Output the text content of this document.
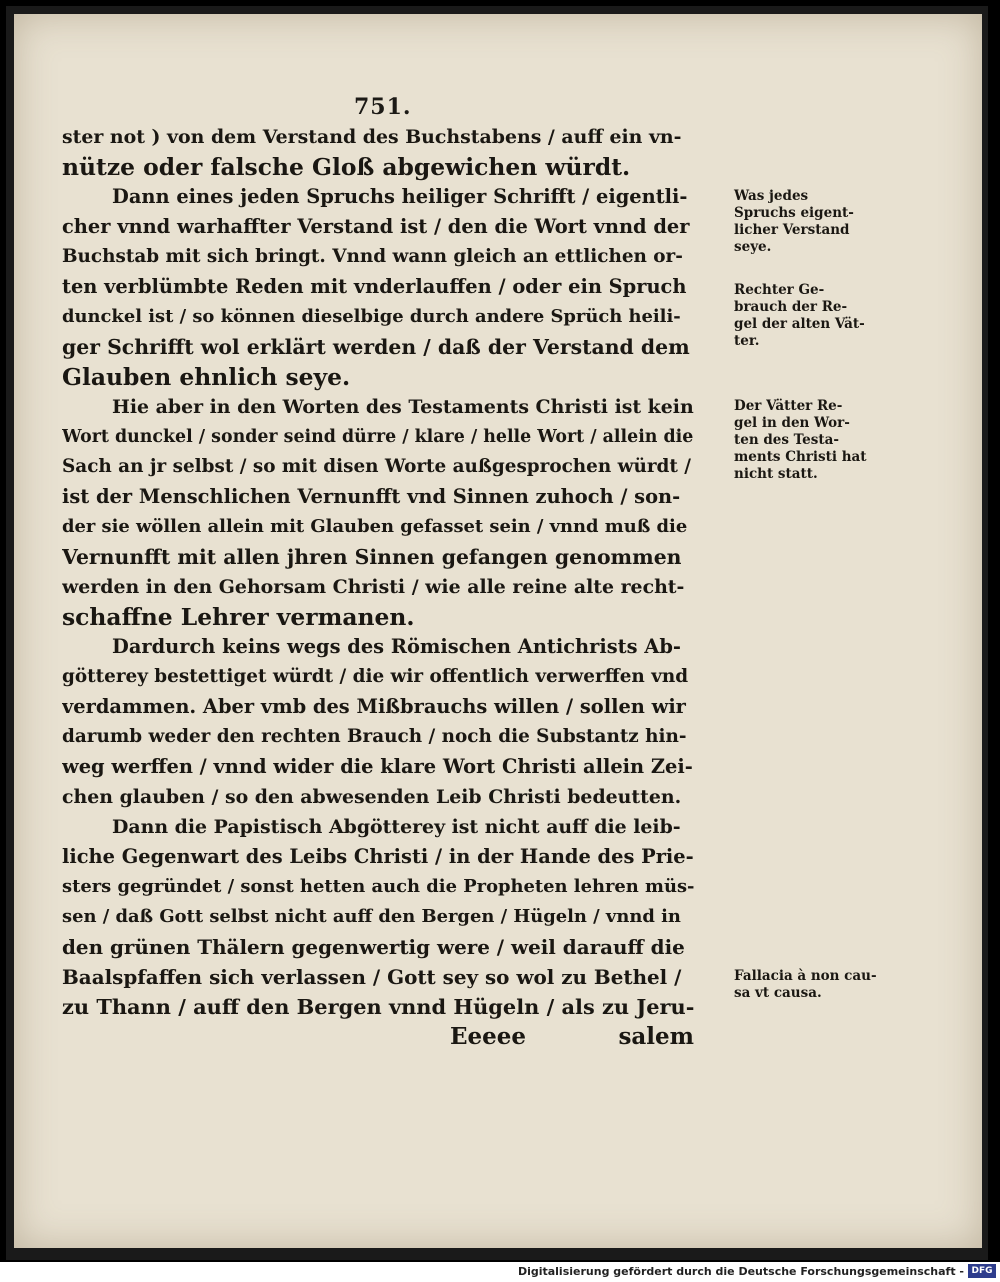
751.
ster not ) von dem Verstand des Buchstabens / auff ein vn-
nütze oder falsche Gloß abgewichen würdt.
Dann eines jeden Spruchs heiliger Schrifft / eigentli-
cher vnnd warhaffter Verstand ist / den die Wort vnnd der
Buchstab mit sich bringt. Vnnd wann gleich an ettlichen or-
ten verblümbte Reden mit vnderlauffen / oder ein Spruch
dunckel ist / so können dieselbige durch andere Sprüch heili-
ger Schrifft wol erklärt werden / daß der Verstand dem
Glauben ehnlich seye.
Hie aber in den Worten des Testaments Christi ist kein
Wort dunckel / sonder seind dürre / klare / helle Wort / allein die
Sach an jr selbst / so mit disen Worte außgesprochen würdt /
ist der Menschlichen Vernunfft vnd Sinnen zuhoch / son-
der sie wöllen allein mit Glauben gefasset sein / vnnd muß die
Vernunfft mit allen jhren Sinnen gefangen genommen
werden in den Gehorsam Christi / wie alle reine alte recht-
schaffne Lehrer vermanen.
Dardurch keins wegs des Römischen Antichrists Ab-
götterey bestettiget würdt / die wir offentlich verwerffen vnd
verdammen. Aber vmb des Mißbrauchs willen / sollen wir
darumb weder den rechten Brauch / noch die Substantz hin-
weg werffen / vnnd wider die klare Wort Christi allein Zei-
chen glauben / so den abwesenden Leib Christi bedeutten.
Dann die Papistisch Abgötterey ist nicht auff die leib-
liche Gegenwart des Leibs Christi / in der Hande des Prie-
sters gegründet / sonst hetten auch die Propheten lehren müs-
sen / daß Gott selbst nicht auff den Bergen / Hügeln / vnnd in
den grünen Thälern gegenwertig were / weil darauff die
Baalspfaffen sich verlassen / Gott sey so wol zu Bethel /
zu Thann / auff den Bergen vnnd Hügeln / als zu Jeru-
Eeeee	salem
Was jedes
Spruchs eigent-
licher Verstand
seye.
Rechter Ge-
brauch der Re-
gel der alten Vät-
ter.
Der Vätter Re-
gel in den Wor-
ten des Testa-
ments Christi hat
nicht statt.
Fallacia à non cau-
sa vt causa.
Digitalisierung gefördert durch die Deutsche Forschungsgemeinschaft - DFG
